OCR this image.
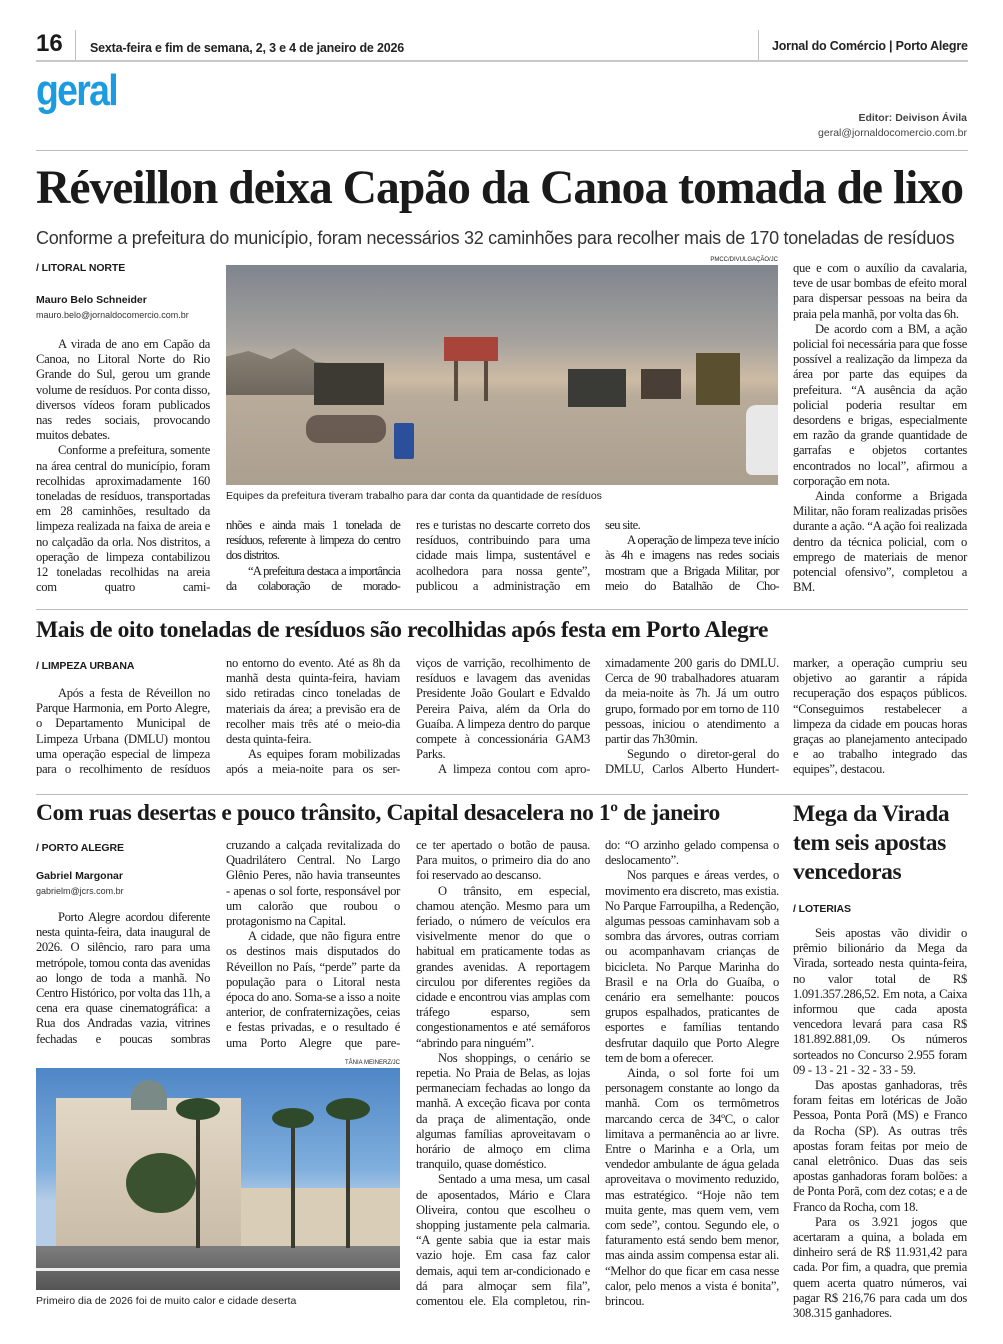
16 Sexta-feira e fim de semana, 2, 3 e 4 de janeiro de 2026	Jornal do Comércio | Porto Alegre
geral
Editor: Deivison Ávila
geral@jornaldocomercio.com.br
Réveillon deixa Capão da Canoa tomada de lixo
Conforme a prefeitura do município, foram necessários 32 caminhões para recolher mais de 170 toneladas de resíduos
/ LITORAL NORTE
Mauro Belo Schneider
mauro.belo@jornaldocomercio.com.br

A virada de ano em Capão da Canoa, no Litoral Norte do Rio Grande do Sul, gerou um grande volume de resíduos. Por conta disso, diversos vídeos foram publicados nas redes sociais, provocando muitos debates.

Conforme a prefeitura, somente na área central do município, foram recolhidas aproximadamente 160 toneladas de resíduos, transportadas em 28 caminhões, resultado da limpeza realizada na faixa de areia e no calçadão da orla. Nos distritos, a operação de limpeza contabilizou 12 toneladas recolhidas na areia com quatro cami-

PMCC/DIVULGAÇÃO/JC
Equipes da prefeitura tiveram trabalho para dar conta da quantidade de resíduos

nhões e ainda mais 1 tonelada de resíduos, referente à limpeza do centro dos distritos.

“A prefeitura destaca a importância da colaboração de morado-

res e turistas no descarte correto dos resíduos, contribuindo para uma cidade mais limpa, sustentável e acolhedora para nossa gente”, publicou a administração em

seu site.

A operação de limpeza teve início às 4h e imagens nas redes sociais mostram que a Brigada Militar, por meio do Batalhão de Cho-

que e com o auxílio da cavalaria, teve de usar bombas de efeito moral para dispersar pessoas na beira da praia pela manhã, por volta das 6h.

De acordo com a BM, a ação policial foi necessária para que fosse possível a realização da limpeza da área por parte das equipes da prefeitura. “A ausência da ação policial poderia resultar em desordens e brigas, especialmente em razão da grande quantidade de garrafas e objetos cortantes encontrados no local”, afirmou a corporação em nota.

Ainda conforme a Brigada Militar, não foram realizadas prisões durante a ação. “A ação foi realizada dentro da técnica policial, com o emprego de materiais de menor potencial ofensivo”, completou a BM.

Mais de oito toneladas de resíduos são recolhidas após festa em Porto Alegre
/ LIMPEZA URBANA

Após a festa de Réveillon no Parque Harmonia, em Porto Alegre, o Departamento Municipal de Limpeza Urbana (DMLU) montou uma operação especial de limpeza para o recolhimento de resíduos

no entorno do evento. Até as 8h da manhã desta quinta-feira, haviam sido retiradas cinco toneladas de materiais da área; a previsão era de recolher mais três até o meio-dia desta quinta-feira.

As equipes foram mobilizadas após a meia-noite para os ser-

viços de varrição, recolhimento de resíduos e lavagem das avenidas Presidente João Goulart e Edvaldo Pereira Paiva, além da Orla do Guaíba. A limpeza dentro do parque compete à concessionária GAM3 Parks.

A limpeza contou com apro-

ximadamente 200 garis do DMLU. Cerca de 90 trabalhadores atuaram da meia-noite às 7h. Já um outro grupo, formado por em torno de 110 pessoas, iniciou o atendimento a partir das 7h30min.

Segundo o diretor-geral do DMLU, Carlos Alberto Hundert-

marker, a operação cumpriu seu objetivo ao garantir a rápida recuperação dos espaços públicos. “Conseguimos restabelecer a limpeza da cidade em poucas horas graças ao planejamento antecipado e ao trabalho integrado das equipes”, destacou.

Com ruas desertas e pouco trânsito, Capital desacelera no 1º de janeiro
/ PORTO ALEGRE
Gabriel Margonar
gabrielm@jcrs.com.br

Porto Alegre acordou diferente nesta quinta-feira, data inaugural de 2026. O silêncio, raro para uma metrópole, tomou conta das avenidas ao longo de toda a manhã. No Centro Histórico, por volta das 11h, a cena era quase cinematográfica: a Rua dos Andradas vazia, vitrines fechadas e poucas sombras

cruzando a calçada revitalizada do Quadrilátero Central. No Largo Glênio Peres, não havia transeuntes - apenas o sol forte, responsável por um calorão que roubou o protagonismo na Capital.

A cidade, que não figura entre os destinos mais disputados do Réveillon no País, “perde” parte da população para o Litoral nesta época do ano. Soma-se a isso a noite anterior, de confraternizações, ceias e festas privadas, e o resultado é uma Porto Alegre que pare-

TÂNIA MEINERZ/JC
Primeiro dia de 2026 foi de muito calor e cidade deserta

ce ter apertado o botão de pausa. Para muitos, o primeiro dia do ano foi reservado ao descanso.

O trânsito, em especial, chamou atenção. Mesmo para um feriado, o número de veículos era visivelmente menor do que o habitual em praticamente todas as grandes avenidas. A reportagem circulou por diferentes regiões da cidade e encontrou vias amplas com tráfego esparso, sem congestionamentos e até semáforos “abrindo para ninguém”.

Nos shoppings, o cenário se repetia. No Praia de Belas, as lojas permaneciam fechadas ao longo da manhã. A exceção ficava por conta da praça de alimentação, onde algumas famílias aproveitavam o horário de almoço em clima tranquilo, quase doméstico.

Sentado a uma mesa, um casal de aposentados, Mário e Clara Oliveira, contou que escolheu o shopping justamente pela calmaria. “A gente sabia que ia estar mais vazio hoje. Em casa faz calor demais, aqui tem ar-condicionado e dá para almoçar sem fila”, comentou ele. Ela completou, rin-

do: “O arzinho gelado compensa o deslocamento”.

Nos parques e áreas verdes, o movimento era discreto, mas existia. No Parque Farroupilha, a Redenção, algumas pessoas caminhavam sob a sombra das árvores, outras corriam ou acompanhavam crianças de bicicleta. No Parque Marinha do Brasil e na Orla do Guaíba, o cenário era semelhante: poucos grupos espalhados, praticantes de esportes e famílias tentando desfrutar daquilo que Porto Alegre tem de bom a oferecer.

Ainda, o sol forte foi um personagem constante ao longo da manhã. Com os termômetros marcando cerca de 34ºC, o calor limitava a permanência ao ar livre. Entre o Marinha e a Orla, um vendedor ambulante de água gelada aproveitava o movimento reduzido, mas estratégico. “Hoje não tem muita gente, mas quem vem, vem com sede”, contou. Segundo ele, o faturamento está sendo bem menor, mas ainda assim compensa estar ali. “Melhor do que ficar em casa nesse calor, pelo menos a vista é bonita”, brincou.

Mega da Virada tem seis apostas vencedoras
/ LOTERIAS

Seis apostas vão dividir o prêmio bilionário da Mega da Virada, sorteado nesta quinta-feira, no valor total de R$ 1.091.357.286,52. Em nota, a Caixa informou que cada aposta vencedora levará para casa R$ 181.892.881,09. Os números sorteados no Concurso 2.955 foram 09 - 13 - 21 - 32 - 33 - 59.

Das apostas ganhadoras, três foram feitas em lotéricas de João Pessoa, Ponta Porã (MS) e Franco da Rocha (SP). As outras três apostas foram feitas por meio de canal eletrônico. Duas das seis apostas ganhadoras foram bolões: a de Ponta Porã, com dez cotas; e a de Franco da Rocha, com 18.

Para os 3.921 jogos que acertaram a quina, a bolada em dinheiro será de R$ 11.931,42 para cada. Por fim, a quadra, que premia quem acerta quatro números, vai pagar R$ 216,76 para cada um dos 308.315 ganhadores.
